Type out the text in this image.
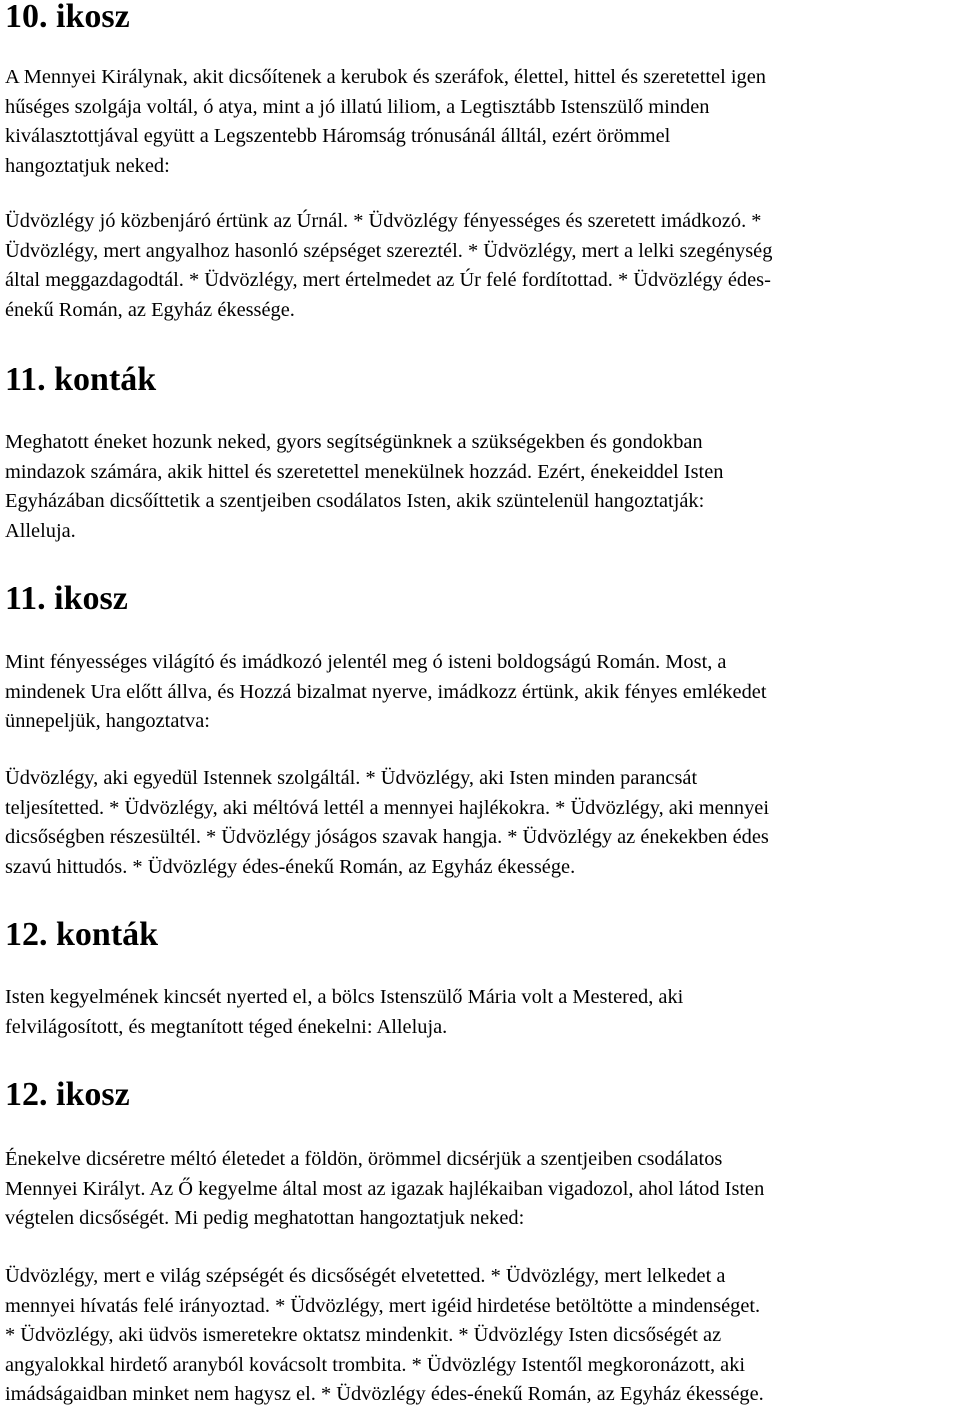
10. ikosz

A Mennyei Királynak, akit dicsőítenek a kerubok és szeráfok, élettel, hittel és szeretettel igen
hűséges szolgája voltál, ó atya, mint a jó illatú liliom, a Legtisztább Istenszülő minden
kiválasztottjával együtt a Legszentebb Háromság trónusánál álltál, ezért örömmel
hangoztatjuk neked:

Üdvözlégy jó közbenjáró értünk az Úrnál. * Üdvözlégy fényességes és szeretett imádkozó. *
Üdvözlégy, mert angyalhoz hasonló szépséget szereztél. * Üdvözlégy, mert a lelki szegénység
által meggazdagodtál. * Üdvözlégy, mert értelmedet az Úr felé fordítottad. * Üdvözlégy édes-
énekű Román, az Egyház ékessége.

11. konták

Meghatott éneket hozunk neked, gyors segítségünknek a szükségekben és gondokban
mindazok számára, akik hittel és szeretettel menekülnek hozzád. Ezért, énekeiddel Isten
Egyházában dicsőíttetik a szentjeiben csodálatos Isten, akik szüntelenül hangoztatják:
Alleluja.

11. ikosz

Mint fényességes világító és imádkozó jelentél meg ó isteni boldogságú Román. Most, a
mindenek Ura előtt állva, és Hozzá bizalmat nyerve, imádkozz értünk, akik fényes emlékedet
ünnepeljük, hangoztatva:

Üdvözlégy, aki egyedül Istennek szolgáltál. * Üdvözlégy, aki Isten minden parancsát
teljesítetted. * Üdvözlégy, aki méltóvá lettél a mennyei hajlékokra. * Üdvözlégy, aki mennyei
dicsőségben részesültél. * Üdvözlégy jóságos szavak hangja. * Üdvözlégy az énekekben édes
szavú hittudós. * Üdvözlégy édes-énekű Román, az Egyház ékessége.

12. konták

Isten kegyelmének kincsét nyerted el, a bölcs Istenszülő Mária volt a Mestered, aki
felvilágosított, és megtanított téged énekelni: Alleluja.

12. ikosz

Énekelve dicséretre méltó életedet a földön, örömmel dicsérjük a szentjeiben csodálatos
Mennyei Királyt. Az Ő kegyelme által most az igazak hajlékaiban vigadozol, ahol látod Isten
végtelen dicsőségét. Mi pedig meghatottan hangoztatjuk neked:

Üdvözlégy, mert e világ szépségét és dicsőségét elvetetted. * Üdvözlégy, mert lelkedet a
mennyei hívatás felé irányoztad. * Üdvözlégy, mert igéid hirdetése betöltötte a mindenséget.
* Üdvözlégy, aki üdvös ismeretekre oktatsz mindenkit. * Üdvözlégy Isten dicsőségét az
angyalokkal hirdető aranyból kovácsolt trombita. * Üdvözlégy Istentől megkoronázott, aki
imádságaidban minket nem hagysz el. * Üdvözlégy édes-énekű Román, az Egyház ékessége.
